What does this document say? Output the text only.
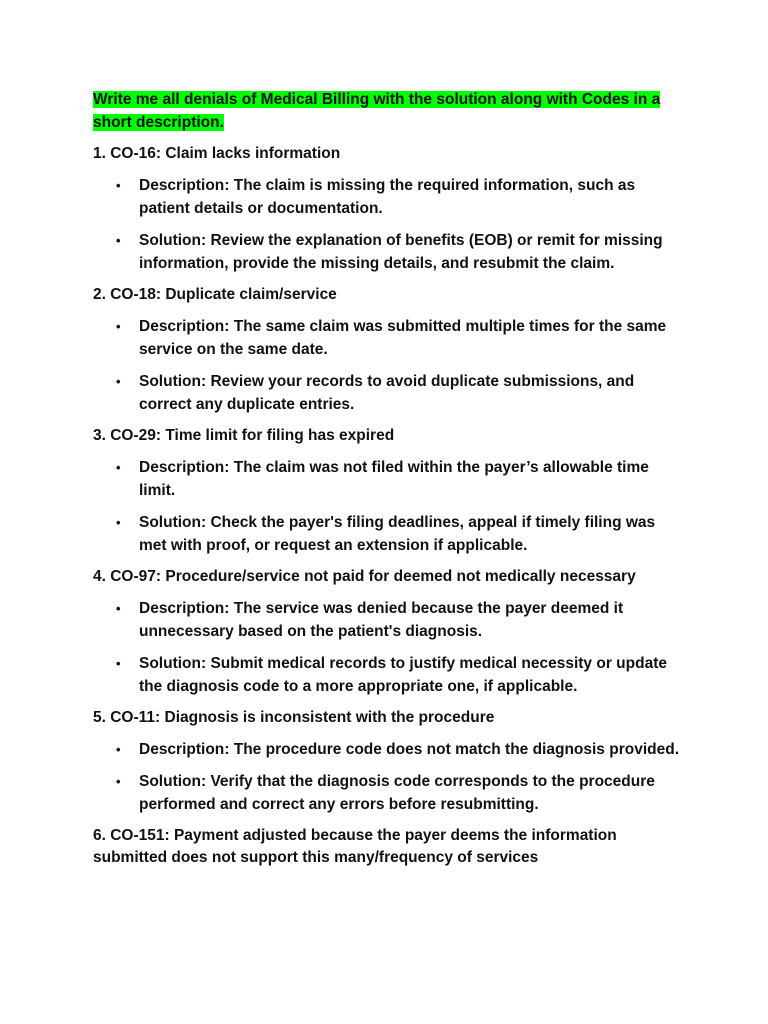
Write me all denials of Medical Billing with the solution along with Codes in a short description.

1. CO-16: Claim lacks information

• Description: The claim is missing the required information, such as patient details or documentation.
• Solution: Review the explanation of benefits (EOB) or remit for missing information, provide the missing details, and resubmit the claim.

2. CO-18: Duplicate claim/service

• Description: The same claim was submitted multiple times for the same service on the same date.
• Solution: Review your records to avoid duplicate submissions, and correct any duplicate entries.

3. CO-29: Time limit for filing has expired

• Description: The claim was not filed within the payer’s allowable time limit.
• Solution: Check the payer's filing deadlines, appeal if timely filing was met with proof, or request an extension if applicable.

4. CO-97: Procedure/service not paid for deemed not medically necessary

• Description: The service was denied because the payer deemed it unnecessary based on the patient's diagnosis.
• Solution: Submit medical records to justify medical necessity or update the diagnosis code to a more appropriate one, if applicable.

5. CO-11: Diagnosis is inconsistent with the procedure

• Description: The procedure code does not match the diagnosis provided.
• Solution: Verify that the diagnosis code corresponds to the procedure performed and correct any errors before resubmitting.

6. CO-151: Payment adjusted because the payer deems the information submitted does not support this many/frequency of services
